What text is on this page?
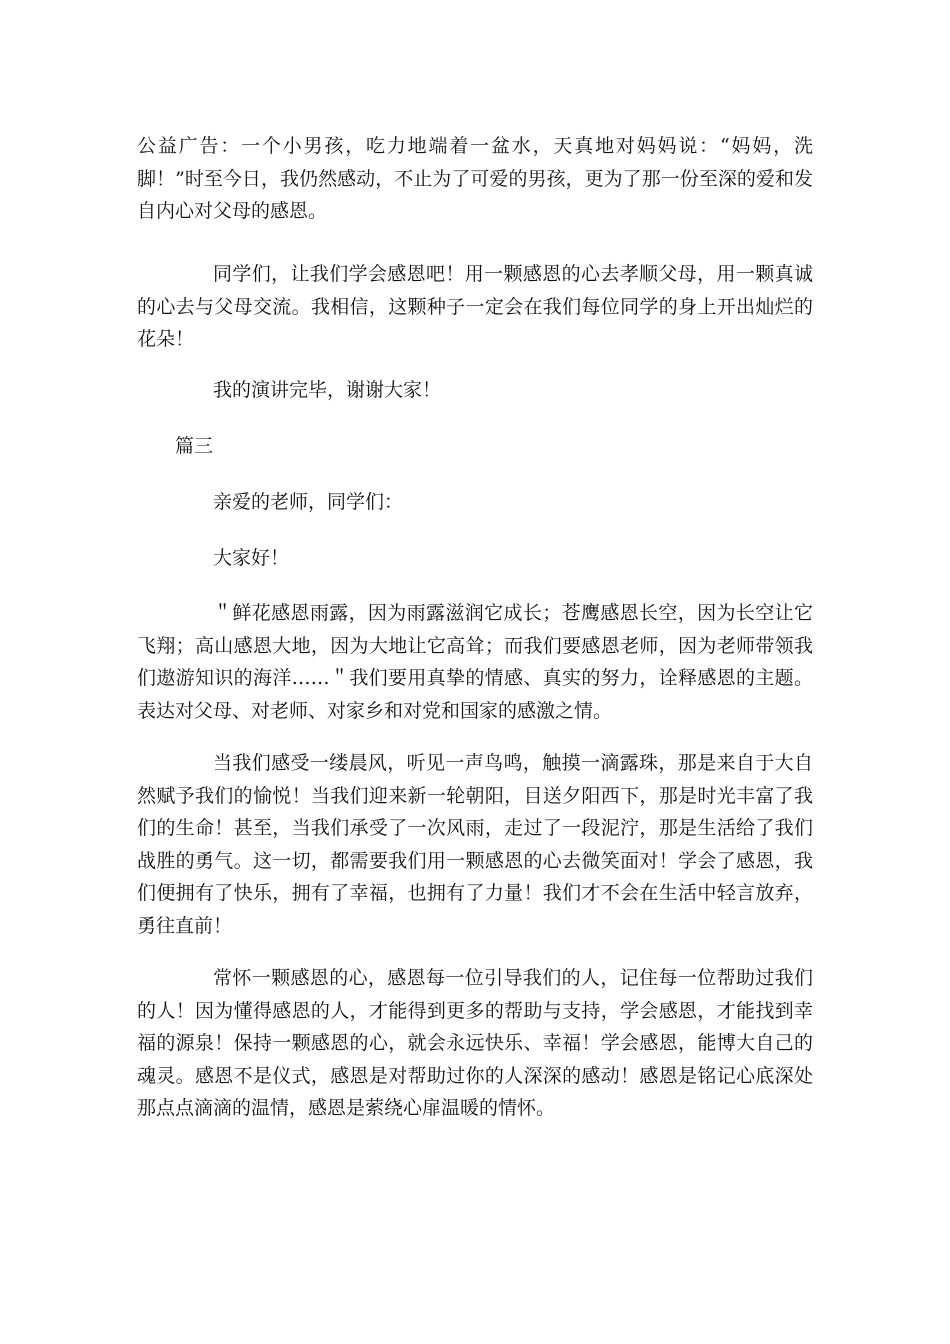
公益广告：一个小男孩，吃力地端着一盆水，天真地对妈妈说：“妈妈，洗脚！”时至今日，我仍然感动，不止为了可爱的男孩，更为了那一份至深的爱和发自内心对父母的感恩。

同学们，让我们学会感恩吧！用一颗感恩的心去孝顺父母，用一颗真诚的心去与父母交流。我相信，这颗种子一定会在我们每位同学的身上开出灿烂的花朵！

我的演讲完毕，谢谢大家！

篇三

亲爱的老师，同学们：

大家好！

＂鲜花感恩雨露，因为雨露滋润它成长；苍鹰感恩长空，因为长空让它飞翔；高山感恩大地，因为大地让它高耸；而我们要感恩老师，因为老师带领我们遨游知识的海洋……＂我们要用真挚的情感、真实的努力，诠释感恩的主题。表达对父母、对老师、对家乡和对党和国家的感激之情。

当我们感受一缕晨风，听见一声鸟鸣，触摸一滴露珠，那是来自于大自然赋予我们的愉悦！当我们迎来新一轮朝阳，目送夕阳西下，那是时光丰富了我们的生命！甚至，当我们承受了一次风雨，走过了一段泥泞，那是生活给了我们战胜的勇气。这一切，都需要我们用一颗感恩的心去微笑面对！学会了感恩，我们便拥有了快乐，拥有了幸福，也拥有了力量！我们才不会在生活中轻言放弃，勇往直前！

常怀一颗感恩的心，感恩每一位引导我们的人，记住每一位帮助过我们的人！因为懂得感恩的人，才能得到更多的帮助与支持，学会感恩，才能找到幸福的源泉！保持一颗感恩的心，就会永远快乐、幸福！学会感恩，能博大自己的魂灵。感恩不是仪式，感恩是对帮助过你的人深深的感动！感恩是铭记心底深处那点点滴滴的温情，感恩是萦绕心扉温暖的情怀。
